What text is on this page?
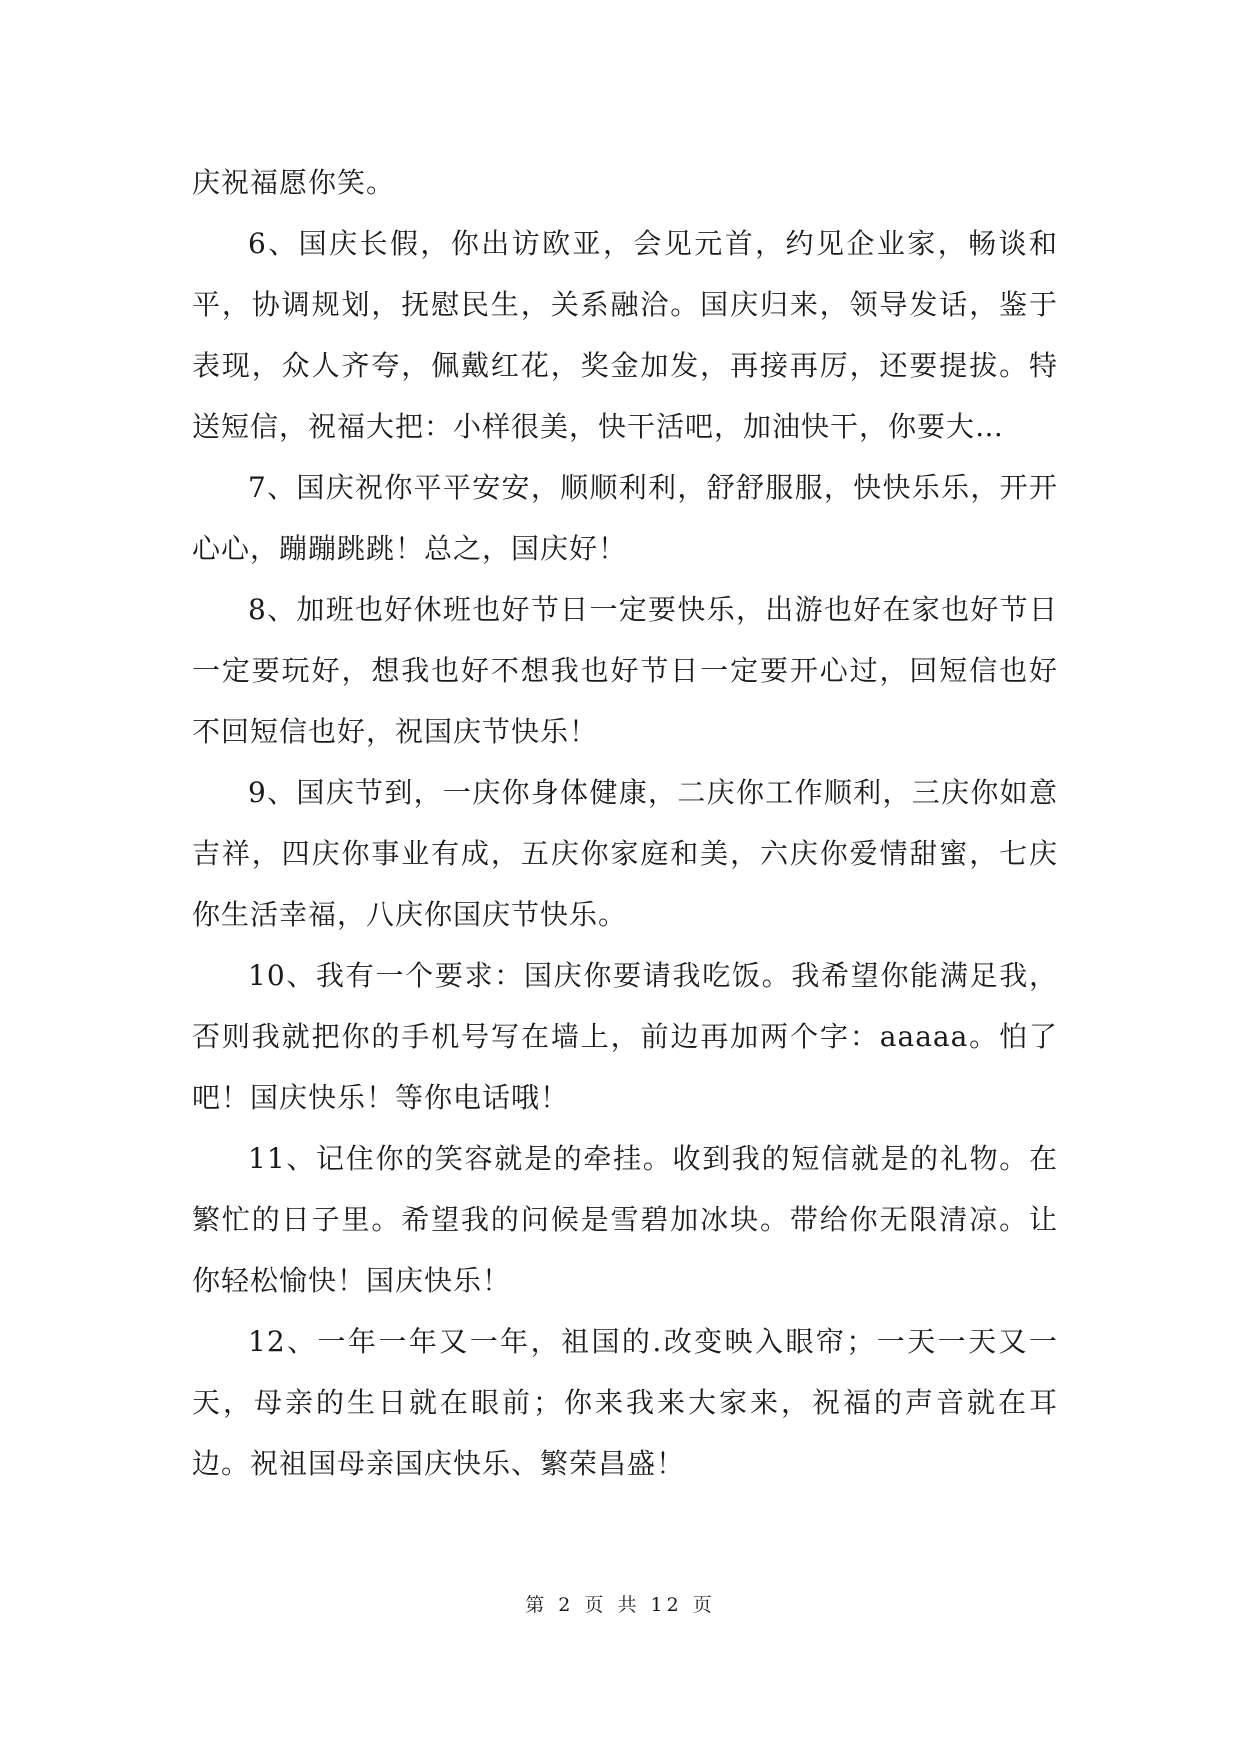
庆祝福愿你笑。

6、国庆长假，你出访欧亚，会见元首，约见企业家，畅谈和平，协调规划，抚慰民生，关系融洽。国庆归来，领导发话，鉴于表现，众人齐夸，佩戴红花，奖金加发，再接再厉，还要提拔。特送短信，祝福大把：小样很美，快干活吧，加油快干，你要大…

7、国庆祝你平平安安，顺顺利利，舒舒服服，快快乐乐，开开心心，蹦蹦跳跳！总之，国庆好！

8、加班也好休班也好节日一定要快乐，出游也好在家也好节日一定要玩好，想我也好不想我也好节日一定要开心过，回短信也好不回短信也好，祝国庆节快乐！

9、国庆节到，一庆你身体健康，二庆你工作顺利，三庆你如意吉祥，四庆你事业有成，五庆你家庭和美，六庆你爱情甜蜜，七庆你生活幸福，八庆你国庆节快乐。

10、我有一个要求：国庆你要请我吃饭。我希望你能满足我，否则我就把你的手机号写在墙上，前边再加两个字：aaaaa。怕了吧！国庆快乐！等你电话哦！

11、记住你的笑容就是的牵挂。收到我的短信就是的礼物。在繁忙的日子里。希望我的问候是雪碧加冰块。带给你无限清凉。让你轻松愉快！国庆快乐！

12、一年一年又一年，祖国的.改变映入眼帘；一天一天又一天，母亲的生日就在眼前；你来我来大家来，祝福的声音就在耳边。祝祖国母亲国庆快乐、繁荣昌盛！

第 2 页 共 12 页
